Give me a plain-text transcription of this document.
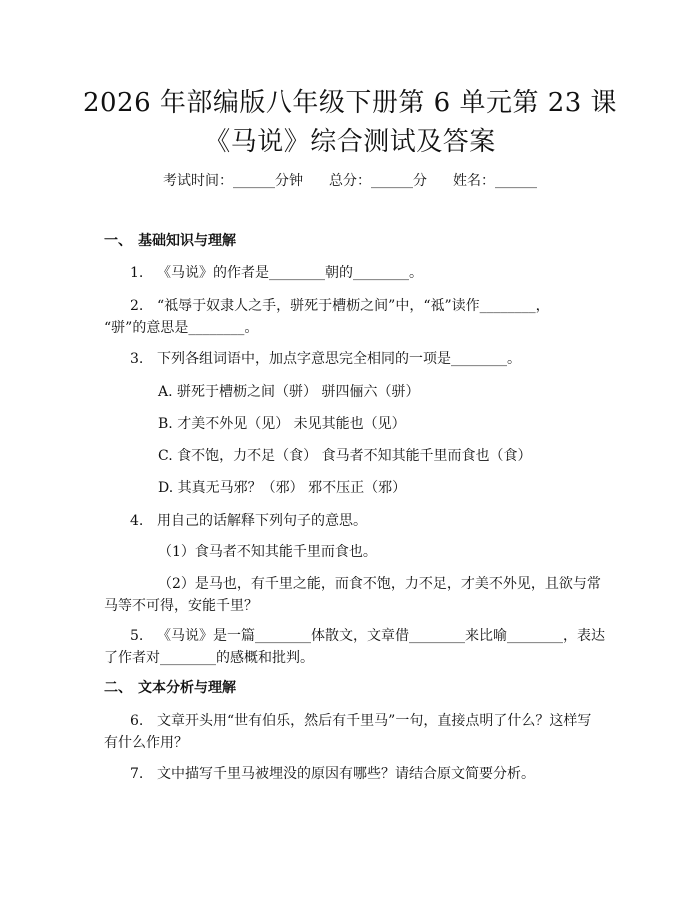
2026 年部编版八年级下册第 6 单元第 23 课
《马说》综合测试及答案
考试时间：______分钟 总分：______分 姓名：______
一、 基础知识与理解
1. 《马说》的作者是________朝的________。
2. “祗辱于奴隶人之手，骈死于槽枥之间”中，“祗”读作________，
“骈”的意思是________。
3. 下列各组词语中，加点字意思完全相同的一项是________。
A. 骈死于槽枥之间（骈） 骈四俪六（骈）
B. 才美不外见（见） 未见其能也（见）
C. 食不饱，力不足（食） 食马者不知其能千里而食也（食）
D. 其真无马邪？（邪） 邪不压正（邪）
4. 用自己的话解释下列句子的意思。
（1）食马者不知其能千里而食也。
（2）是马也，有千里之能，而食不饱，力不足，才美不外见，且欲与常
马等不可得，安能千里？
5. 《马说》是一篇________体散文，文章借________来比喻________，表达
了作者对________的感概和批判。
二、 文本分析与理解
6. 文章开头用“世有伯乐，然后有千里马”一句，直接点明了什么？这样写
有什么作用？
7. 文中描写千里马被埋没的原因有哪些？请结合原文简要分析。
